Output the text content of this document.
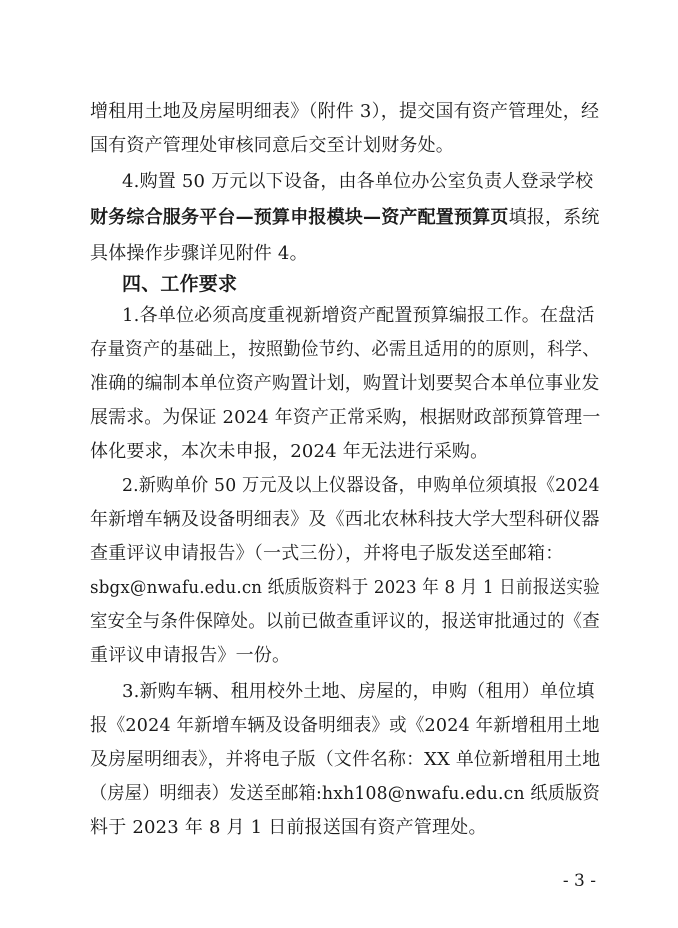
增租用土地及房屋明细表》（附件 3），提交国有资产管理处，经
国有资产管理处审核同意后交至计划财务处。
4.购置 50 万元以下设备，由各单位办公室负责人登录学校
财务综合服务平台—预算申报模块—资产配置预算页填报，系统
具体操作步骤详见附件 4。
四、工作要求
1.各单位必须高度重视新增资产配置预算编报工作。在盘活
存量资产的基础上，按照勤俭节约、必需且适用的的原则，科学、
准确的编制本单位资产购置计划，购置计划要契合本单位事业发
展需求。为保证 2024 年资产正常采购，根据财政部预算管理一
体化要求，本次未申报，2024 年无法进行采购。
2.新购单价 50 万元及以上仪器设备，申购单位须填报《2024
年新增车辆及设备明细表》及《西北农林科技大学大型科研仪器
查重评议申请报告》（一式三份），并将电子版发送至邮箱：
sbgx@nwafu.edu.cn 纸质版资料于 2023 年 8 月 1 日前报送实验
室安全与条件保障处。以前已做查重评议的，报送审批通过的《查
重评议申请报告》一份。
3.新购车辆、租用校外土地、房屋的，申购（租用）单位填
报《2024 年新增车辆及设备明细表》或《2024 年新增租用土地
及房屋明细表》，并将电子版（文件名称：XX 单位新增租用土地
（房屋）明细表）发送至邮箱:hxh108@nwafu.edu.cn 纸质版资
料于 2023 年 8 月 1 日前报送国有资产管理处。
- 3 -
